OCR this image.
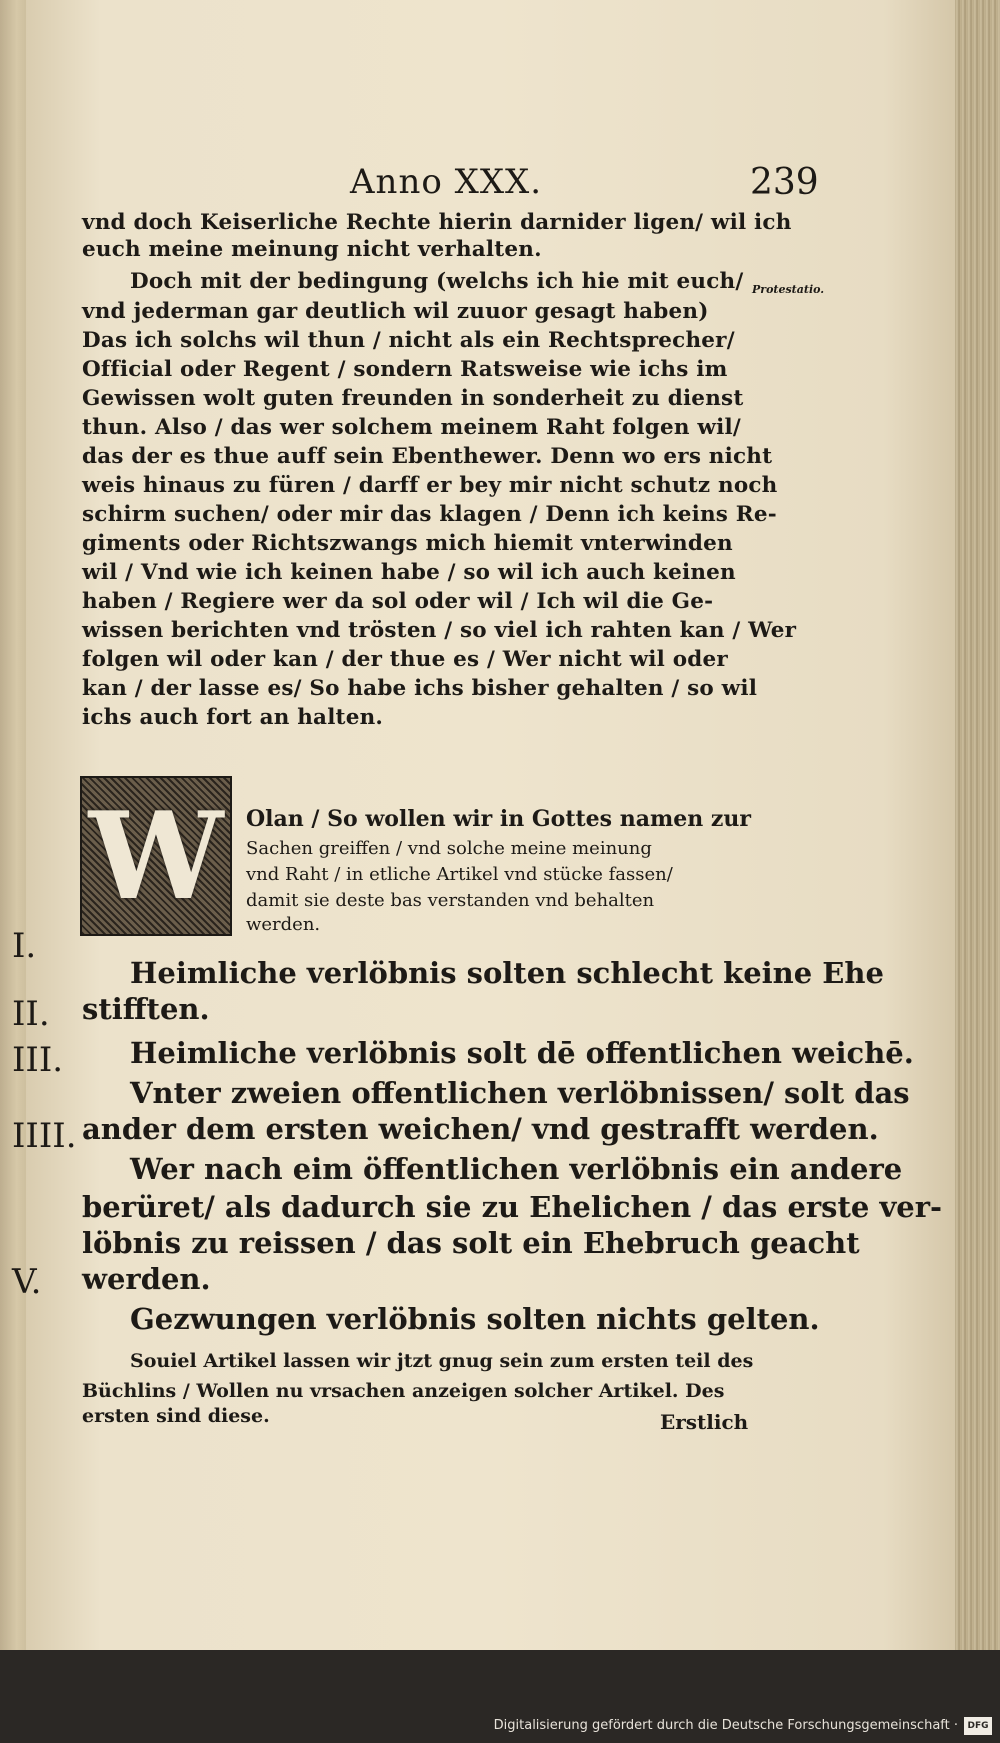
Anno XXX.	239
vnd doch Keiserliche Rechte hierin darnider ligen/ wil ich
euch meine meinung nicht verhalten.
Doch mit der bedingung (welchs ich hie mit euch/ Protestatio.
vnd jederman gar deutlich wil zuuor gesagt haben)
Das ich solchs wil thun / nicht als ein Rechtsprecher/
Official oder Regent / sondern Ratsweise wie ichs im
Gewissen wolt guten freunden in sonderheit zu dienst
thun. Also / das wer solchem meinem Raht folgen wil/
das der es thue auff sein Ebenthewer. Denn wo ers nicht
weis hinaus zu füren / darff er bey mir nicht schutz noch
schirm suchen/ oder mir das klagen / Denn ich keins Re-
giments oder Richtszwangs mich hiemit vnterwinden
wil / Vnd wie ich keinen habe / so wil ich auch keinen
haben / Regiere wer da sol oder wil / Ich wil die Ge-
wissen berichten vnd trösten / so viel ich rahten kan / Wer
folgen wil oder kan / der thue es / Wer nicht wil oder
kan / der lasse es/ So habe ichs bisher gehalten / so wil
ichs auch fort an halten.
W Olan / So wollen wir in Gottes namen zur
Sachen greiffen / vnd solche meine meinung
vnd Raht / in etliche Artikel vnd stücke fassen/
damit sie deste bas verstanden vnd behalten
werden.
I.
II.
III.
IIII.
V.
Heimliche verlöbnis solten schlecht keine Ehe
stifften.
Heimliche verlöbnis solt dē offentlichen weichē.
Vnter zweien offentlichen verlöbnissen/ solt das
ander dem ersten weichen/ vnd gestrafft werden.
Wer nach eim öffentlichen verlöbnis ein andere
berüret/ als dadurch sie zu Ehelichen / das erste ver-
löbnis zu reissen / das solt ein Ehebruch geacht
werden.
Gezwungen verlöbnis solten nichts gelten.
Souiel Artikel lassen wir jtzt gnug sein zum ersten teil des
Büchlins / Wollen nu vrsachen anzeigen solcher Artikel. Des
ersten sind diese.	Erstlich
Digitalisierung gefördert durch die Deutsche Forschungsgemeinschaft ·	DFG
